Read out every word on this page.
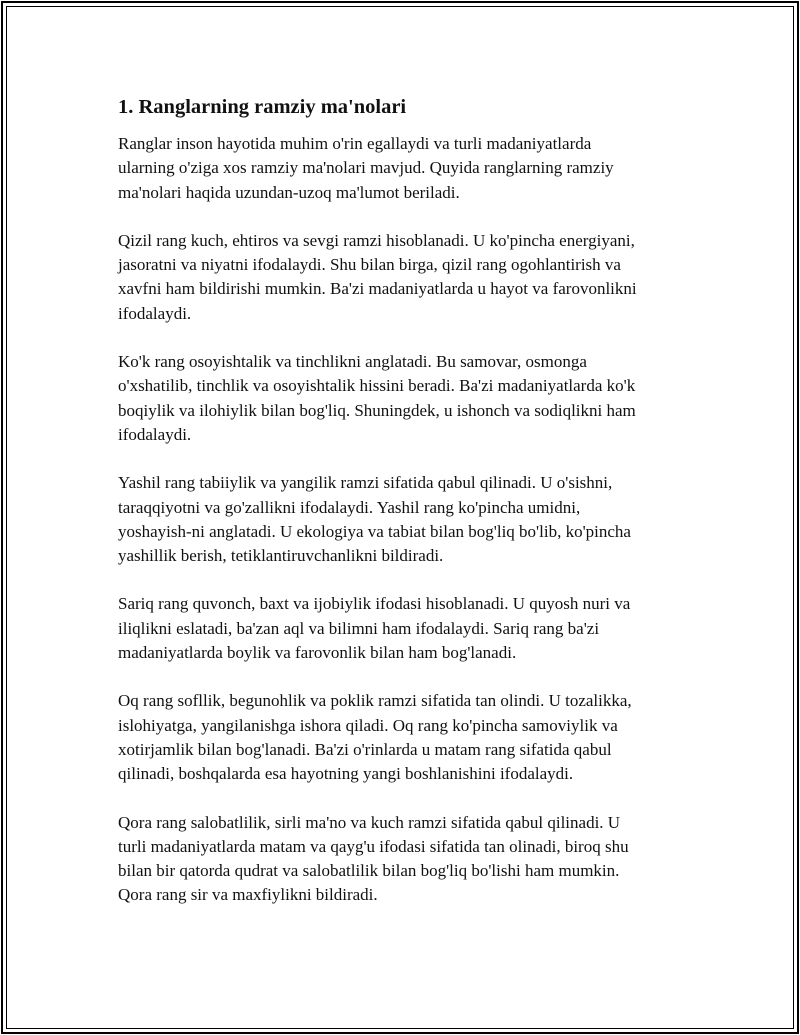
1. Ranglarning ramziy ma'nolari

Ranglar inson hayotida muhim o'rin egallaydi va turli madaniyatlarda
ularning o'ziga xos ramziy ma'nolari mavjud. Quyida ranglarning ramziy
ma'nolari haqida uzundan-uzoq ma'lumot beriladi.

Qizil rang kuch, ehtiros va sevgi ramzi hisoblanadi. U ko'pincha energiyani,
jasoratni va niyatni ifodalaydi. Shu bilan birga, qizil rang ogohlantirish va
xavfni ham bildirishi mumkin. Ba'zi madaniyatlarda u hayot va farovonlikni
ifodalaydi.

Ko'k rang osoyishtalik va tinchlikni anglatadi. Bu samovar, osmonga
o'xshatilib, tinchlik va osoyishtalik hissini beradi. Ba'zi madaniyatlarda ko'k
boqiylik va ilohiylik bilan bog'liq. Shuningdek, u ishonch va sodiqlikni ham
ifodalaydi.

Yashil rang tabiiylik va yangilik ramzi sifatida qabul qilinadi. U o'sishni,
taraqqiyotni va go'zallikni ifodalaydi. Yashil rang ko'pincha umidni,
yoshayish-ni anglatadi. U ekologiya va tabiat bilan bog'liq bo'lib, ko'pincha
yashillik berish, tetiklantiruvchanlikni bildiradi.

Sariq rang quvonch, baxt va ijobiylik ifodasi hisoblanadi. U quyosh nuri va
iliqlikni eslatadi, ba'zan aql va bilimni ham ifodalaydi. Sariq rang ba'zi
madaniyatlarda boylik va farovonlik bilan ham bog'lanadi.

Oq rang sofllik, begunohlik va poklik ramzi sifatida tan olindi. U tozalikka,
islohiyatga, yangilanishga ishora qiladi. Oq rang ko'pincha samoviylik va
xotirjamlik bilan bog'lanadi. Ba'zi o'rinlarda u matam rang sifatida qabul
qilinadi, boshqalarda esa hayotning yangi boshlanishini ifodalaydi.

Qora rang salobatlilik, sirli ma'no va kuch ramzi sifatida qabul qilinadi. U
turli madaniyatlarda matam va qayg'u ifodasi sifatida tan olinadi, biroq shu
bilan bir qatorda qudrat va salobatlilik bilan bog'liq bo'lishi ham mumkin.
Qora rang sir va maxfiylikni bildiradi.
